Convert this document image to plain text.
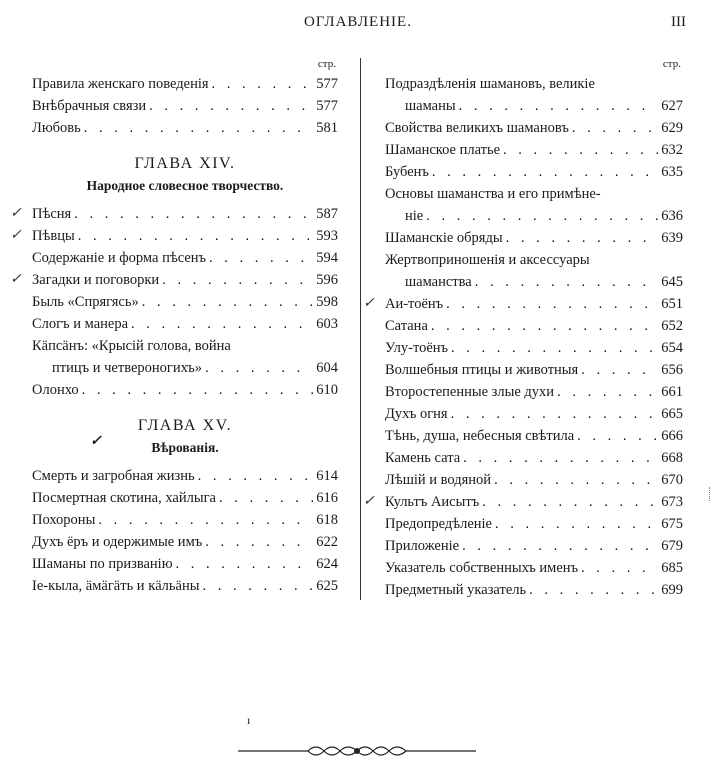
ОГЛАВЛЕНІЕ.	III
стр.
Правила женскаго поведенія . . .	577
Внѣбрачныя связи . . .	577
Любовь . . .	581
ГЛАВА XIV.
Народное словесное творчество.
✓ Пѣсня . . .	587
✓ Пѣвцы . . .	593
Содержаніе и форма пѣсенъ . . .	594
✓ Загадки и поговорки . . .	596
Быль «Спрягясь» . . .	598
Слогъ и манера . . .	603
Кäпсäнъ: «Крысій голова, война
птицъ и четвероногихъ» . . .	604
Олонхо . . .	610
ГЛАВА XV.
✓	Вѣрованія.
Смерть и загробная жизнь . . .	614
Посмертная скотина, хайлыга . . .	616
Похороны . . .	618
Духъ ёръ и одержимые имъ . . .	622
Шаманы по призванію . . .	624
Іе-кыла, äмäгäть и кäльäны . . .	625
стр.
Подраздѣленія шамановъ, великіе
шаманы . . .	627
Свойства великихъ шамановъ . . .	629
Шаманское платье . . .	632
Бубенъ . . .	635
Основы шаманства и его примѣне-
ніе . . .	636
Шаманскіе обряды . . .	639
Жертвоприношенія и аксессуары
шаманства . . .	645
✓ Аи-тоёнъ . . .	651
Сатана . . .	652
Улу-тоёнъ . . .	654
Волшебныя птицы и животныя . . .	656
Второстепенные злые духи . . .	661
Духъ огня . . .	665
Тѣнь, душа, небесныя свѣтила . . .	666
Камень сата . . .	668
Лѣшій и водяной . . .	670
✓ Культъ Аисытъ . . .	673
Предопредѣленіе . . .	675
Приложеніе . . .	679
Указатель собственныхъ именъ . . .	685
Предметный указатель . . .	699
ı
